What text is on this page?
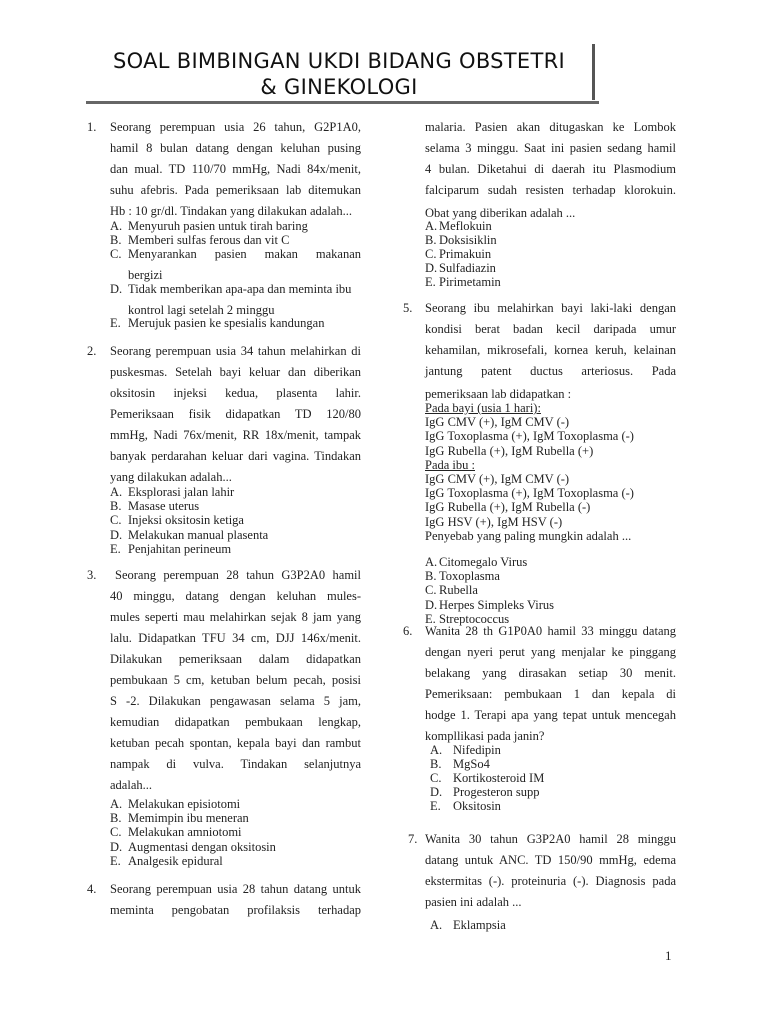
SOAL BIMBINGAN UKDI BIDANG OBSTETRI
& GINEKOLOGI
1. Seorang perempuan usia 26 tahun, G2P1A0,
hamil 8 bulan datang dengan keluhan pusing
dan mual. TD 110/70 mmHg, Nadi 84x/menit,
suhu afebris. Pada pemeriksaan lab ditemukan
Hb : 10 gr/dl. Tindakan yang dilakukan adalah...
A. Menyuruh pasien untuk tirah baring
B. Memberi sulfas ferous dan vit C
C. Menyarankan pasien makan makanan
bergizi
D. Tidak memberikan apa-apa dan meminta ibu
kontrol lagi setelah 2 minggu
E. Merujuk pasien ke spesialis kandungan
2. Seorang perempuan usia 34 tahun melahirkan di
puskesmas. Setelah bayi keluar dan diberikan
oksitosin injeksi kedua, plasenta lahir.
Pemeriksaan fisik didapatkan TD 120/80
mmHg, Nadi 76x/menit, RR 18x/menit, tampak
banyak perdarahan keluar dari vagina. Tindakan
yang dilakukan adalah...
A. Eksplorasi jalan lahir
B. Masase uterus
C. Injeksi oksitosin ketiga
D. Melakukan manual plasenta
E. Penjahitan perineum
3. Seorang perempuan 28 tahun G3P2A0 hamil
40 minggu, datang dengan keluhan mules-
mules seperti mau melahirkan sejak 8 jam yang
lalu. Didapatkan TFU 34 cm, DJJ 146x/menit.
Dilakukan pemeriksaan dalam didapatkan
pembukaan 5 cm, ketuban belum pecah, posisi
S -2. Dilakukan pengawasan selama 5 jam,
kemudian didapatkan pembukaan lengkap,
ketuban pecah spontan, kepala bayi dan rambut
nampak di vulva. Tindakan selanjutnya
adalah...
A. Melakukan episiotomi
B. Memimpin ibu meneran
C. Melakukan amniotomi
D. Augmentasi dengan oksitosin
E. Analgesik epidural
4. Seorang perempuan usia 28 tahun datang untuk
meminta pengobatan profilaksis terhadap
malaria. Pasien akan ditugaskan ke Lombok
selama 3 minggu. Saat ini pasien sedang hamil
4 bulan. Diketahui di daerah itu Plasmodium
falciparum sudah resisten terhadap klorokuin.
Obat yang diberikan adalah ...
A. Meflokuin
B. Doksisiklin
C. Primakuin
D. Sulfadiazin
E. Pirimetamin
5. Seorang ibu melahirkan bayi laki-laki dengan
kondisi berat badan kecil daripada umur
kehamilan, mikrosefali, kornea keruh, kelainan
jantung patent ductus arteriosus. Pada
pemeriksaan lab didapatkan :
Pada bayi (usia 1 hari):
IgG CMV (+), IgM CMV (-)
IgG Toxoplasma (+), IgM Toxoplasma (-)
IgG Rubella (+), IgM Rubella (+)
Pada ibu :
IgG CMV (+), IgM CMV (-)
IgG Toxoplasma (+), IgM Toxoplasma (-)
IgG Rubella (+), IgM Rubella (-)
IgG HSV (+), IgM HSV (-)
Penyebab yang paling mungkin adalah ...
A. Citomegalo Virus
B. Toxoplasma
C. Rubella
D. Herpes Simpleks Virus
E. Streptococcus
6. Wanita 28 th G1P0A0 hamil 33 minggu datang
dengan nyeri perut yang menjalar ke pinggang
belakang yang dirasakan setiap 30 menit.
Pemeriksaan: pembukaan 1 dan kepala di
hodge 1. Terapi apa yang tepat untuk mencegah
kompllikasi pada janin?
A. Nifedipin
B. MgSo4
C. Kortikosteroid IM
D. Progesteron supp
E. Oksitosin
7. Wanita 30 tahun G3P2A0 hamil 28 minggu
datang untuk ANC. TD 150/90 mmHg, edema
ekstermitas (-). proteinuria (-). Diagnosis pada
pasien ini adalah ...
A. Eklampsia
1
